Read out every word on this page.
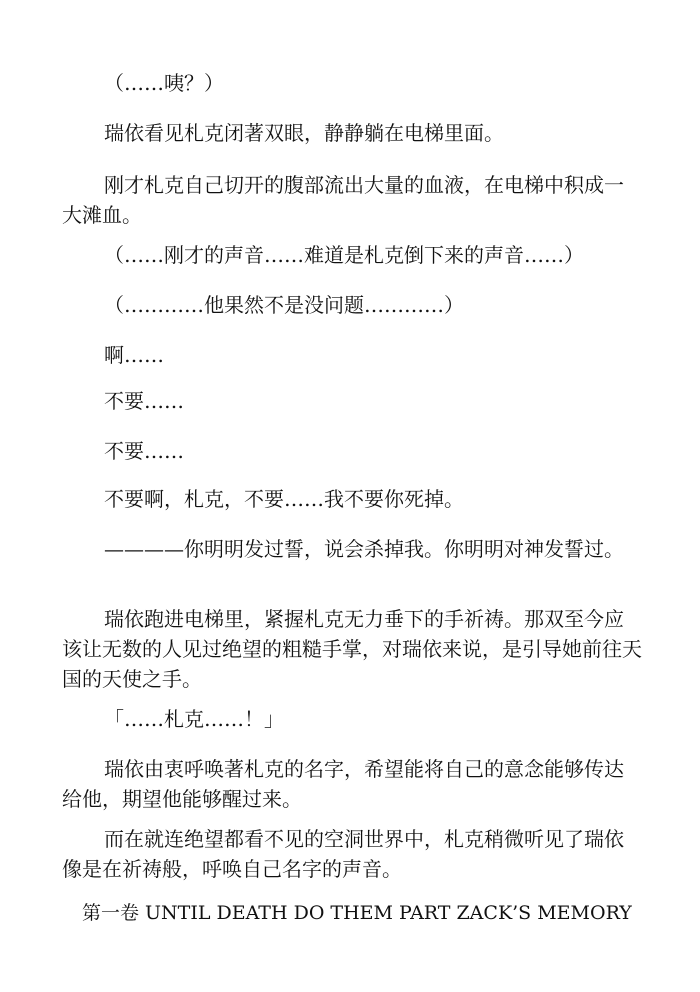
（……咦？）

瑞依看见札克闭著双眼，静静躺在电梯里面。

刚才札克自己切开的腹部流出大量的血液，在电梯中积成一大滩血。

（……刚才的声音……难道是札克倒下来的声音……）

（…………他果然不是没问题…………）

啊……

不要……

不要……

不要啊，札克，不要……我不要你死掉。

————你明明发过誓，说会杀掉我。你明明对神发誓过。

瑞依跑进电梯里，紧握札克无力垂下的手祈祷。那双至今应该让无数的人见过绝望的粗糙手掌，对瑞依来说，是引导她前往天国的天使之手。

「……札克……！」

瑞依由衷呼唤著札克的名字，希望能将自己的意念能够传达给他，期望他能够醒过来。

而在就连绝望都看不见的空洞世界中，札克稍微听见了瑞依像是在祈祷般，呼唤自己名字的声音。

第一卷 UNTIL DEATH DO THEM PART ZACK’S MEMORY
